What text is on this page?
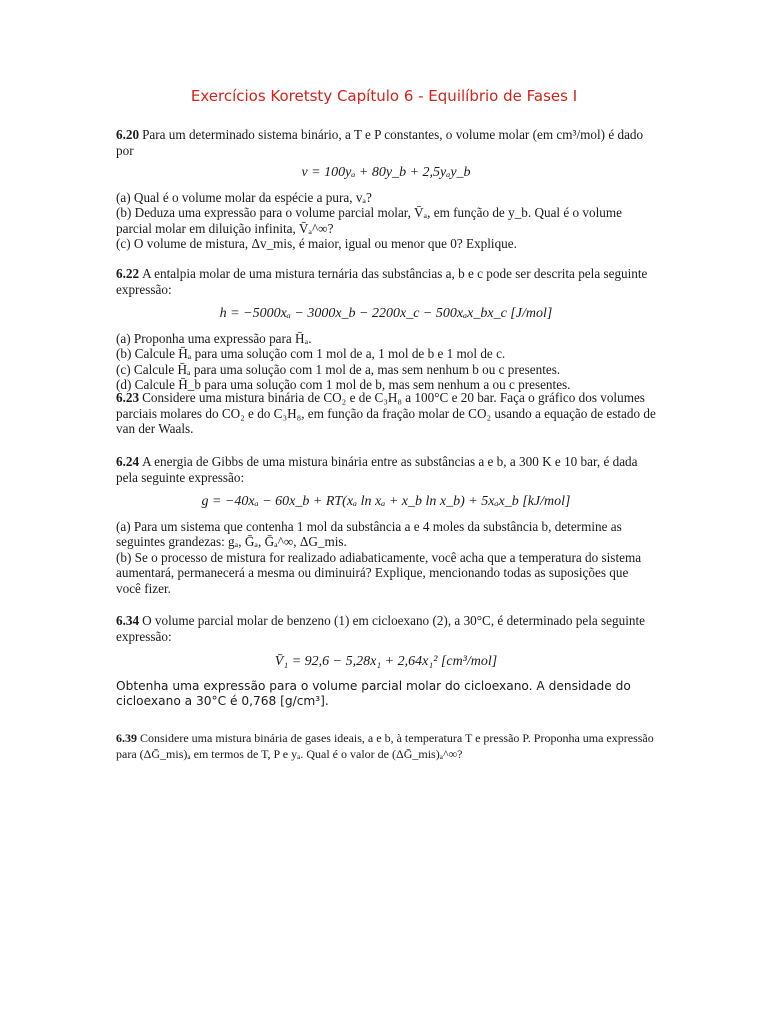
Exercícios Koretsty Capítulo 6 - Equilíbrio de Fases I

6.20 Para um determinado sistema binário, a T e P constantes, o volume molar (em cm³/mol) é dado por

v = 100yₐ + 80y_b + 2,5yₐy_b

(a) Qual é o volume molar da espécie a pura, vₐ?

(b) Deduza uma expressão para o volume parcial molar, V̄ₐ, em função de y_b. Qual é o volume parcial molar em diluição infinita, V̄ₐ^∞?

(c) O volume de mistura, Δv_mis, é maior, igual ou menor que 0? Explique.

6.22 A entalpia molar de uma mistura ternária das substâncias a, b e c pode ser descrita pela seguinte expressão:

h = −5000xₐ − 3000x_b − 2200x_c − 500xₐx_bx_c [J/mol]

(a) Proponha uma expressão para H̄ₐ.

(b) Calcule H̄ₐ para uma solução com 1 mol de a, 1 mol de b e 1 mol de c.

(c) Calcule H̄ₐ para uma solução com 1 mol de a, mas sem nenhum b ou c presentes.

(d) Calcule H̄_b para uma solução com 1 mol de b, mas sem nenhum a ou c presentes.

6.23 Considere uma mistura binária de CO₂ e de C₃H₈ a 100°C e 20 bar. Faça o gráfico dos volumes parciais molares do CO₂ e do C₃H₈, em função da fração molar de CO₂ usando a equação de estado de van der Waals.

6.24 A energia de Gibbs de uma mistura binária entre as substâncias a e b, a 300 K e 10 bar, é dada pela seguinte expressão:

g = −40xₐ − 60x_b + RT(xₐ ln xₐ + x_b ln x_b) + 5xₐx_b [kJ/mol]

(a) Para um sistema que contenha 1 mol da substância a e 4 moles da substância b, determine as seguintes grandezas: gₐ, Ḡₐ, Ḡₐ^∞, ΔG_mis.

(b) Se o processo de mistura for realizado adiabaticamente, você acha que a temperatura do sistema aumentará, permanecerá a mesma ou diminuirá? Explique, mencionando todas as suposições que você fizer.

6.34 O volume parcial molar de benzeno (1) em cicloexano (2), a 30°C, é determinado pela seguinte expressão:

V̄₁ = 92,6 − 5,28x₁ + 2,64x₁² [cm³/mol]

Obtenha uma expressão para o volume parcial molar do cicloexano. A densidade do cicloexano a 30°C é 0,768 [g/cm³].

6.39 Considere uma mistura binária de gases ideais, a e b, à temperatura T e pressão P. Proponha uma expressão para (ΔḠ_mis)ₐ em termos de T, P e yₐ. Qual é o valor de (ΔḠ_mis)ₐ^∞?
